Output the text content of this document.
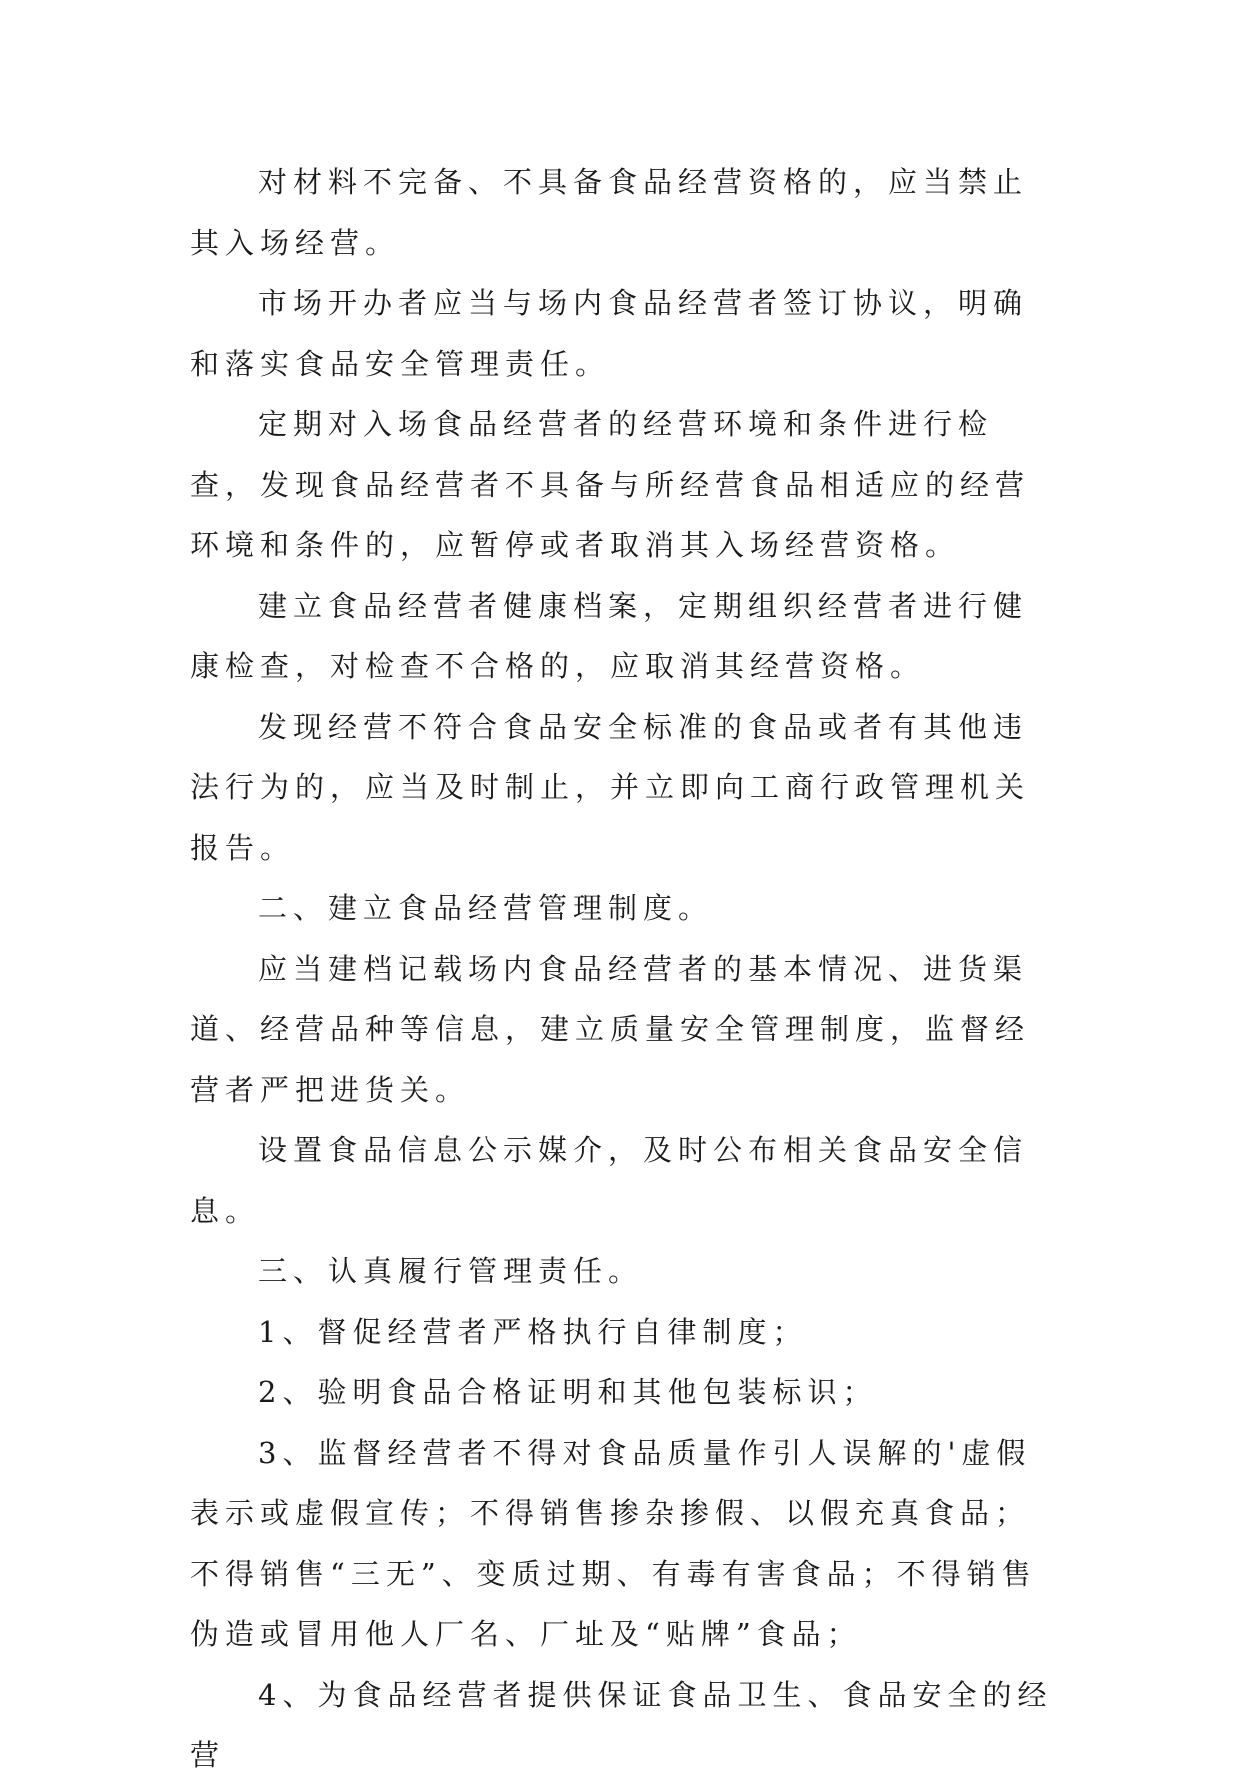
对材料不完备、不具备食品经营资格的，应当禁止其入场经营。

市场开办者应当与场内食品经营者签订协议，明确和落实食品安全管理责任。

定期对入场食品经营者的经营环境和条件进行检查，发现食品经营者不具备与所经营食品相适应的经营环境和条件的，应暂停或者取消其入场经营资格。

建立食品经营者健康档案，定期组织经营者进行健康检查，对检查不合格的，应取消其经营资格。

发现经营不符合食品安全标准的食品或者有其他违法行为的，应当及时制止，并立即向工商行政管理机关报告。

二、建立食品经营管理制度。

应当建档记载场内食品经营者的基本情况、进货渠道、经营品种等信息，建立质量安全管理制度，监督经营者严把进货关。

设置食品信息公示媒介，及时公布相关食品安全信息。

三、认真履行管理责任。

1、督促经营者严格执行自律制度；

2、验明食品合格证明和其他包装标识；

3、监督经营者不得对食品质量作引人误解的'虚假表示或虚假宣传；不得销售掺杂掺假、以假充真食品；不得销售“三无”、变质过期、有毒有害食品；不得销售伪造或冒用他人厂名、厂址及“贴牌”食品；

4、为食品经营者提供保证食品卫生、食品安全的经营
